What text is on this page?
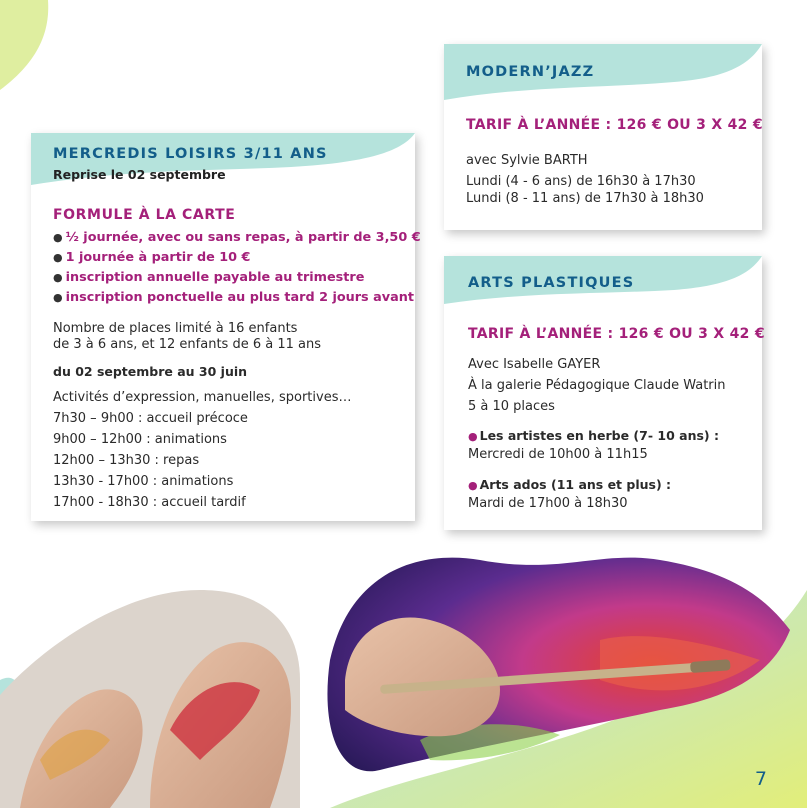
MERCREDIS LOISIRS 3/11 ANS
Reprise le 02 septembre
FORMULE À LA CARTE
● ½ journée, avec ou sans repas, à partir de 3,50 €
● 1 journée à partir de 10 €
● inscription annuelle payable au trimestre
● inscription ponctuelle au plus tard 2 jours avant
Nombre de places limité à 16 enfants
de 3 à 6 ans, et 12 enfants de 6 à 11 ans
du 02 septembre au 30 juin
Activités d’expression, manuelles, sportives…
7h30 – 9h00 : accueil précoce
9h00 – 12h00 : animations
12h00 – 13h30 : repas
13h30 - 17h00 : animations
17h00 - 18h30 : accueil tardif
MODERN’JAZZ
TARIF À L’ANNÉE : 126 € OU 3 X 42 €
avec Sylvie BARTH
Lundi (4 - 6 ans) de 16h30 à 17h30
Lundi (8 - 11 ans) de 17h30 à 18h30
ARTS PLASTIQUES
TARIF À L’ANNÉE : 126 € OU 3 X 42 €
Avec Isabelle GAYER
À la galerie Pédagogique Claude Watrin
5 à 10 places
● Les artistes en herbe (7- 10 ans) :
Mercredi de 10h00 à 11h15
● Arts ados (11 ans et plus) :
Mardi de 17h00 à 18h30
7
